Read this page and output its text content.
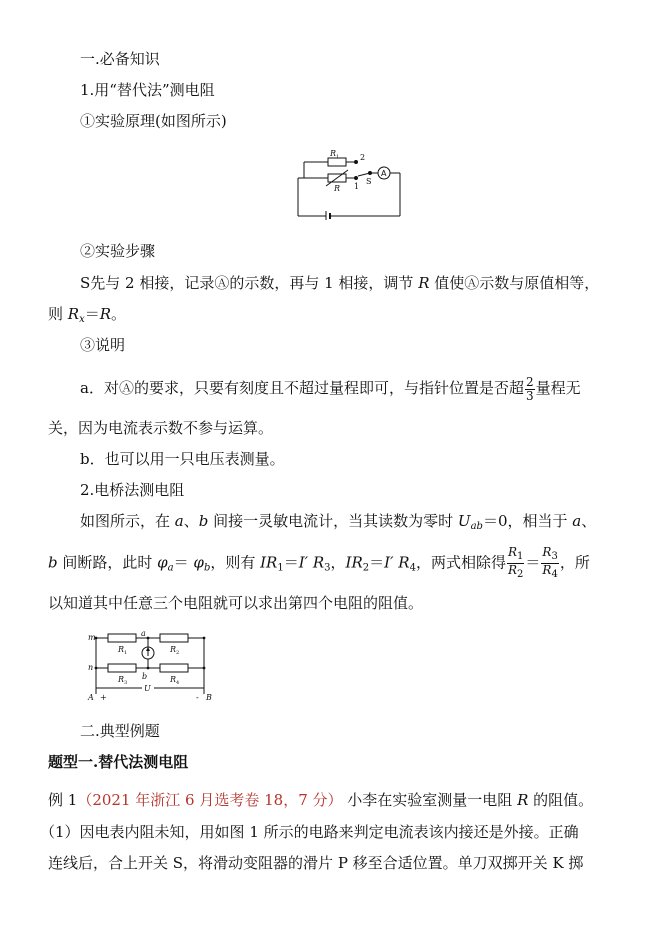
一.必备知识
1.用“替代法”测电阻
①实验原理(如图所示)
R 1
R
2
1
S
A
②实验步骤
S先与 2 相接，记录Ⓐ的示数，再与 1 相接，调节 R 值使Ⓐ示数与原值相等，
则 $R_x=R$。
③说明
a．对Ⓐ的要求，只要有刻度且不超过量程即可，与指针位置是否超 $\frac{2}{3}$ 量程无
关，因为电流表示数不参与运算。
b．也可以用一只电压表测量。
2.电桥法测电阻
如图所示，在 a、b 间接一灵敏电流计，当其读数为零时 $U_{ab}=0$，相当于 a、
b 间断路，此时 $\varphi_a= \varphi_b$，则有 $IR_1=I'$ $R_3$，$IR_2=I'$ $R_4$，两式相除得 $\frac{R_1}{R_2} = \frac{R_3}{R_4}$ ，所
以知道其中任意三个电阻就可以求出第四个电阻的阻值。
m
n
a
b
A	B
U
+	-
R 1	R 2
R 3	R 4
二.典型例题
题型一.替代法测电阻
例 1（2021 年浙江 6 月选考卷 18，7 分） 小李在实验室测量一电阻 R 的阻值。
（1）因电表内阻未知，用如图 1 所示的电路来判定电流表该内接还是外接。正确
连线后，合上开关 S，将滑动变阻器的滑片 P 移至合适位置。单刀双掷开关 K 掷
